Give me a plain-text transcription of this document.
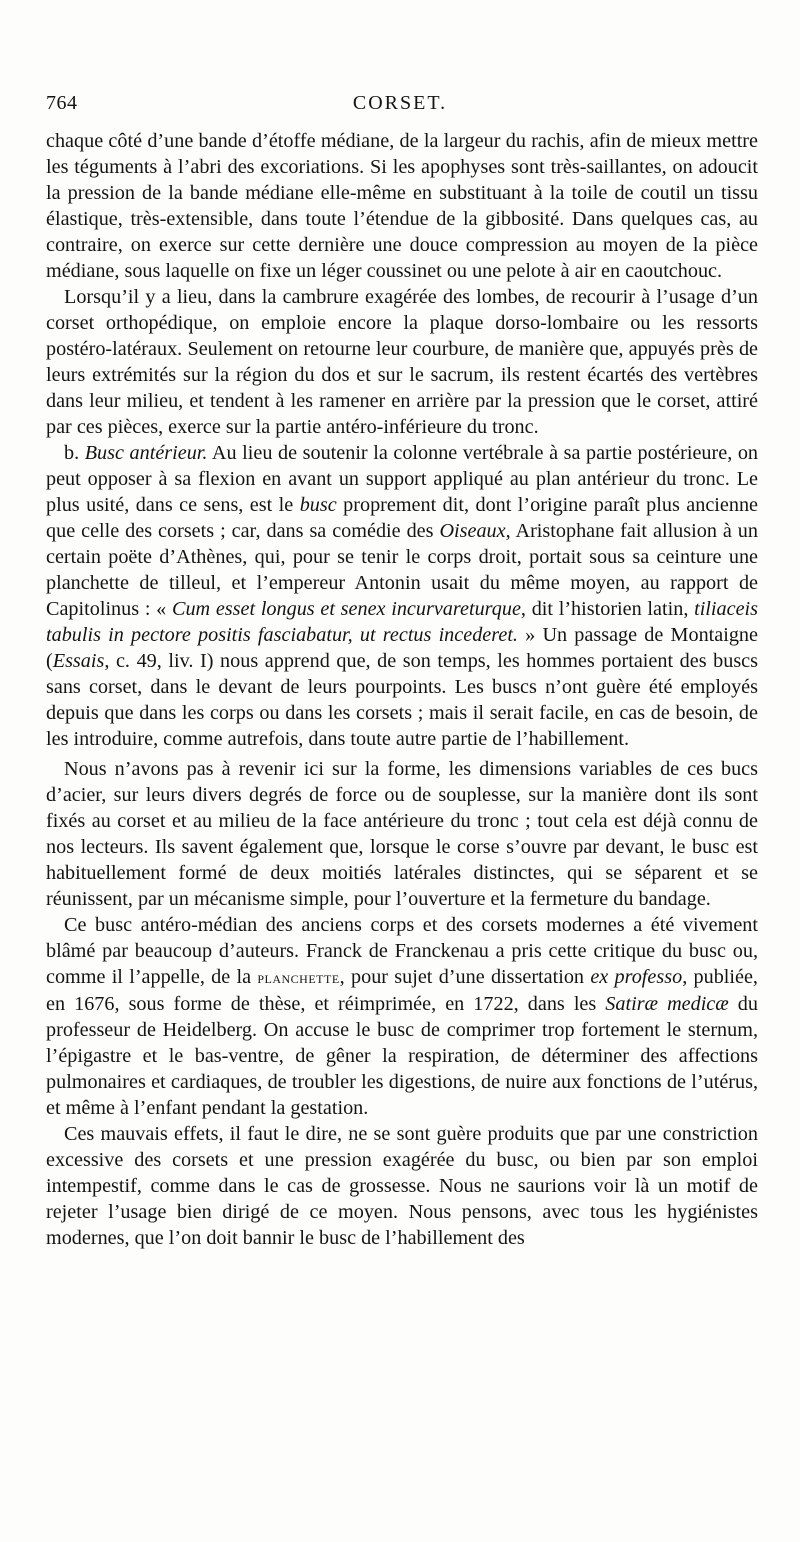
764	CORSET.

chaque côté d’une bande d’étoffe médiane, de la largeur du rachis, afin de mieux mettre les téguments à l’abri des excoriations. Si les apophyses sont très-saillantes, on adoucit la pression de la bande médiane elle-même en substituant à la toile de coutil un tissu élastique, très-extensible, dans toute l’étendue de la gibbosité. Dans quelques cas, au contraire, on exerce sur cette dernière une douce compression au moyen de la pièce médiane, sous laquelle on fixe un léger coussinet ou une pelote à air en caoutchouc.

Lorsqu’il y a lieu, dans la cambrure exagérée des lombes, de recourir à l’usage d’un corset orthopédique, on emploie encore la plaque dorso-lombaire ou les ressorts postéro-latéraux. Seulement on retourne leur courbure, de manière que, appuyés près de leurs extrémités sur la région du dos et sur le sacrum, ils restent écartés des vertèbres dans leur milieu, et tendent à les ramener en arrière par la pression que le corset, attiré par ces pièces, exerce sur la partie antéro-inférieure du tronc.

b. Busc antérieur. Au lieu de soutenir la colonne vertébrale à sa partie postérieure, on peut opposer à sa flexion en avant un support appliqué au plan antérieur du tronc. Le plus usité, dans ce sens, est le busc proprement dit, dont l’origine paraît plus ancienne que celle des corsets ; car, dans sa comédie des Oiseaux, Aristophane fait allusion à un certain poëte d’Athènes, qui, pour se tenir le corps droit, portait sous sa ceinture une planchette de tilleul, et l’empereur Antonin usait du même moyen, au rapport de Capitolinus : « Cum esset longus et senex incurvareturque, dit l’historien latin, tiliaceis tabulis in pectore positis fasciabatur, ut rectus incederet. » Un passage de Montaigne (Essais, c. 49, liv. I) nous apprend que, de son temps, les hommes portaient des buscs sans corset, dans le devant de leurs pourpoints. Les buscs n’ont guère été employés depuis que dans les corps ou dans les corsets ; mais il serait facile, en cas de besoin, de les introduire, comme autrefois, dans toute autre partie de l’habillement.

Nous n’avons pas à revenir ici sur la forme, les dimensions variables de ces bucs d’acier, sur leurs divers degrés de force ou de souplesse, sur la manière dont ils sont fixés au corset et au milieu de la face antérieure du tronc ; tout cela est déjà connu de nos lecteurs. Ils savent également que, lorsque le corse s’ouvre par devant, le busc est habituellement formé de deux moitiés latérales distinctes, qui se séparent et se réunissent, par un mécanisme simple, pour l’ouverture et la fermeture du bandage.

Ce busc antéro-médian des anciens corps et des corsets modernes a été vivement blâmé par beaucoup d’auteurs. Franck de Franckenau a pris cette critique du busc ou, comme il l’appelle, de la planchette, pour sujet d’une dissertation ex professo, publiée, en 1676, sous forme de thèse, et réimprimée, en 1722, dans les Satiræ medicæ du professeur de Heidelberg. On accuse le busc de comprimer trop fortement le sternum, l’épigastre et le bas-ventre, de gêner la respiration, de déterminer des affections pulmonaires et cardiaques, de troubler les digestions, de nuire aux fonctions de l’utérus, et même à l’enfant pendant la gestation.

Ces mauvais effets, il faut le dire, ne se sont guère produits que par une constriction excessive des corsets et une pression exagérée du busc, ou bien par son emploi intempestif, comme dans le cas de grossesse. Nous ne saurions voir là un motif de rejeter l’usage bien dirigé de ce moyen. Nous pensons, avec tous les hygiénistes modernes, que l’on doit bannir le busc de l’habillement des
